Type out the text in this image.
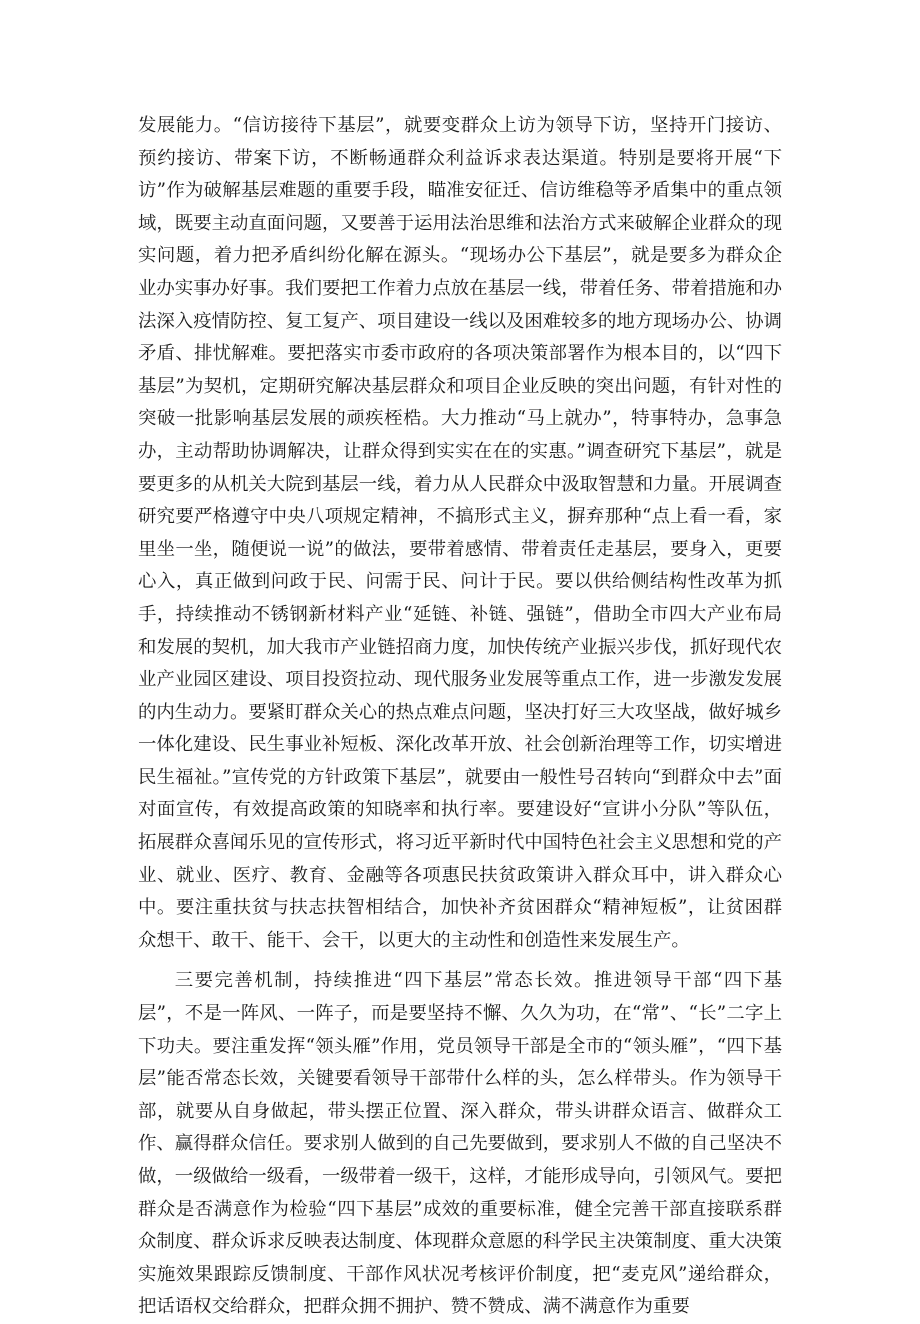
发展能力。“信访接待下基层”，就要变群众上访为领导下访，坚持开门接访、预约接访、带案下访，不断畅通群众利益诉求表达渠道。特别是要将开展“下访”作为破解基层难题的重要手段，瞄准安征迁、信访维稳等矛盾集中的重点领域，既要主动直面问题，又要善于运用法治思维和法治方式来破解企业群众的现实问题，着力把矛盾纠纷化解在源头。“现场办公下基层”，就是要多为群众企业办实事办好事。我们要把工作着力点放在基层一线，带着任务、带着措施和办法深入疫情防控、复工复产、项目建设一线以及困难较多的地方现场办公、协调矛盾、排忧解难。要把落实市委市政府的各项决策部署作为根本目的，以“四下基层”为契机，定期研究解决基层群众和项目企业反映的突出问题，有针对性的突破一批影响基层发展的顽疾桎梏。大力推动“马上就办”，特事特办，急事急办，主动帮助协调解决，让群众得到实实在在的实惠。”调查研究下基层”，就是要更多的从机关大院到基层一线，着力从人民群众中汲取智慧和力量。开展调查研究要严格遵守中央八项规定精神，不搞形式主义，摒弃那种“点上看一看，家里坐一坐，随便说一说”的做法，要带着感情、带着责任走基层，要身入，更要心入，真正做到问政于民、问需于民、问计于民。要以供给侧结构性改革为抓手，持续推动不锈钢新材料产业“延链、补链、强链”，借助全市四大产业布局和发展的契机，加大我市产业链招商力度，加快传统产业振兴步伐，抓好现代农业产业园区建设、项目投资拉动、现代服务业发展等重点工作，进一步激发发展的内生动力。要紧盯群众关心的热点难点问题，坚决打好三大攻坚战，做好城乡一体化建设、民生事业补短板、深化改革开放、社会创新治理等工作，切实增进民生福祉。”宣传党的方针政策下基层”，就要由一般性号召转向“到群众中去”面对面宣传，有效提高政策的知晓率和执行率。要建设好“宣讲小分队”等队伍，拓展群众喜闻乐见的宣传形式，将习近平新时代中国特色社会主义思想和党的产业、就业、医疗、教育、金融等各项惠民扶贫政策讲入群众耳中，讲入群众心中。要注重扶贫与扶志扶智相结合，加快补齐贫困群众“精神短板”，让贫困群众想干、敢干、能干、会干，以更大的主动性和创造性来发展生产。

三要完善机制，持续推进“四下基层”常态长效。推进领导干部“四下基层”，不是一阵风、一阵子，而是要坚持不懈、久久为功，在“常”、“长”二字上下功夫。要注重发挥“领头雁”作用，党员领导干部是全市的“领头雁”，“四下基层”能否常态长效，关键要看领导干部带什么样的头，怎么样带头。作为领导干部，就要从自身做起，带头摆正位置、深入群众，带头讲群众语言、做群众工作、赢得群众信任。要求别人做到的自己先要做到，要求别人不做的自己坚决不做，一级做给一级看，一级带着一级干，这样，才能形成导向，引领风气。要把群众是否满意作为检验“四下基层”成效的重要标准，健全完善干部直接联系群众制度、群众诉求反映表达制度、体现群众意愿的科学民主决策制度、重大决策实施效果跟踪反馈制度、干部作风状况考核评价制度，把“麦克风”递给群众，把话语权交给群众，把群众拥不拥护、赞不赞成、满不满意作为重要
